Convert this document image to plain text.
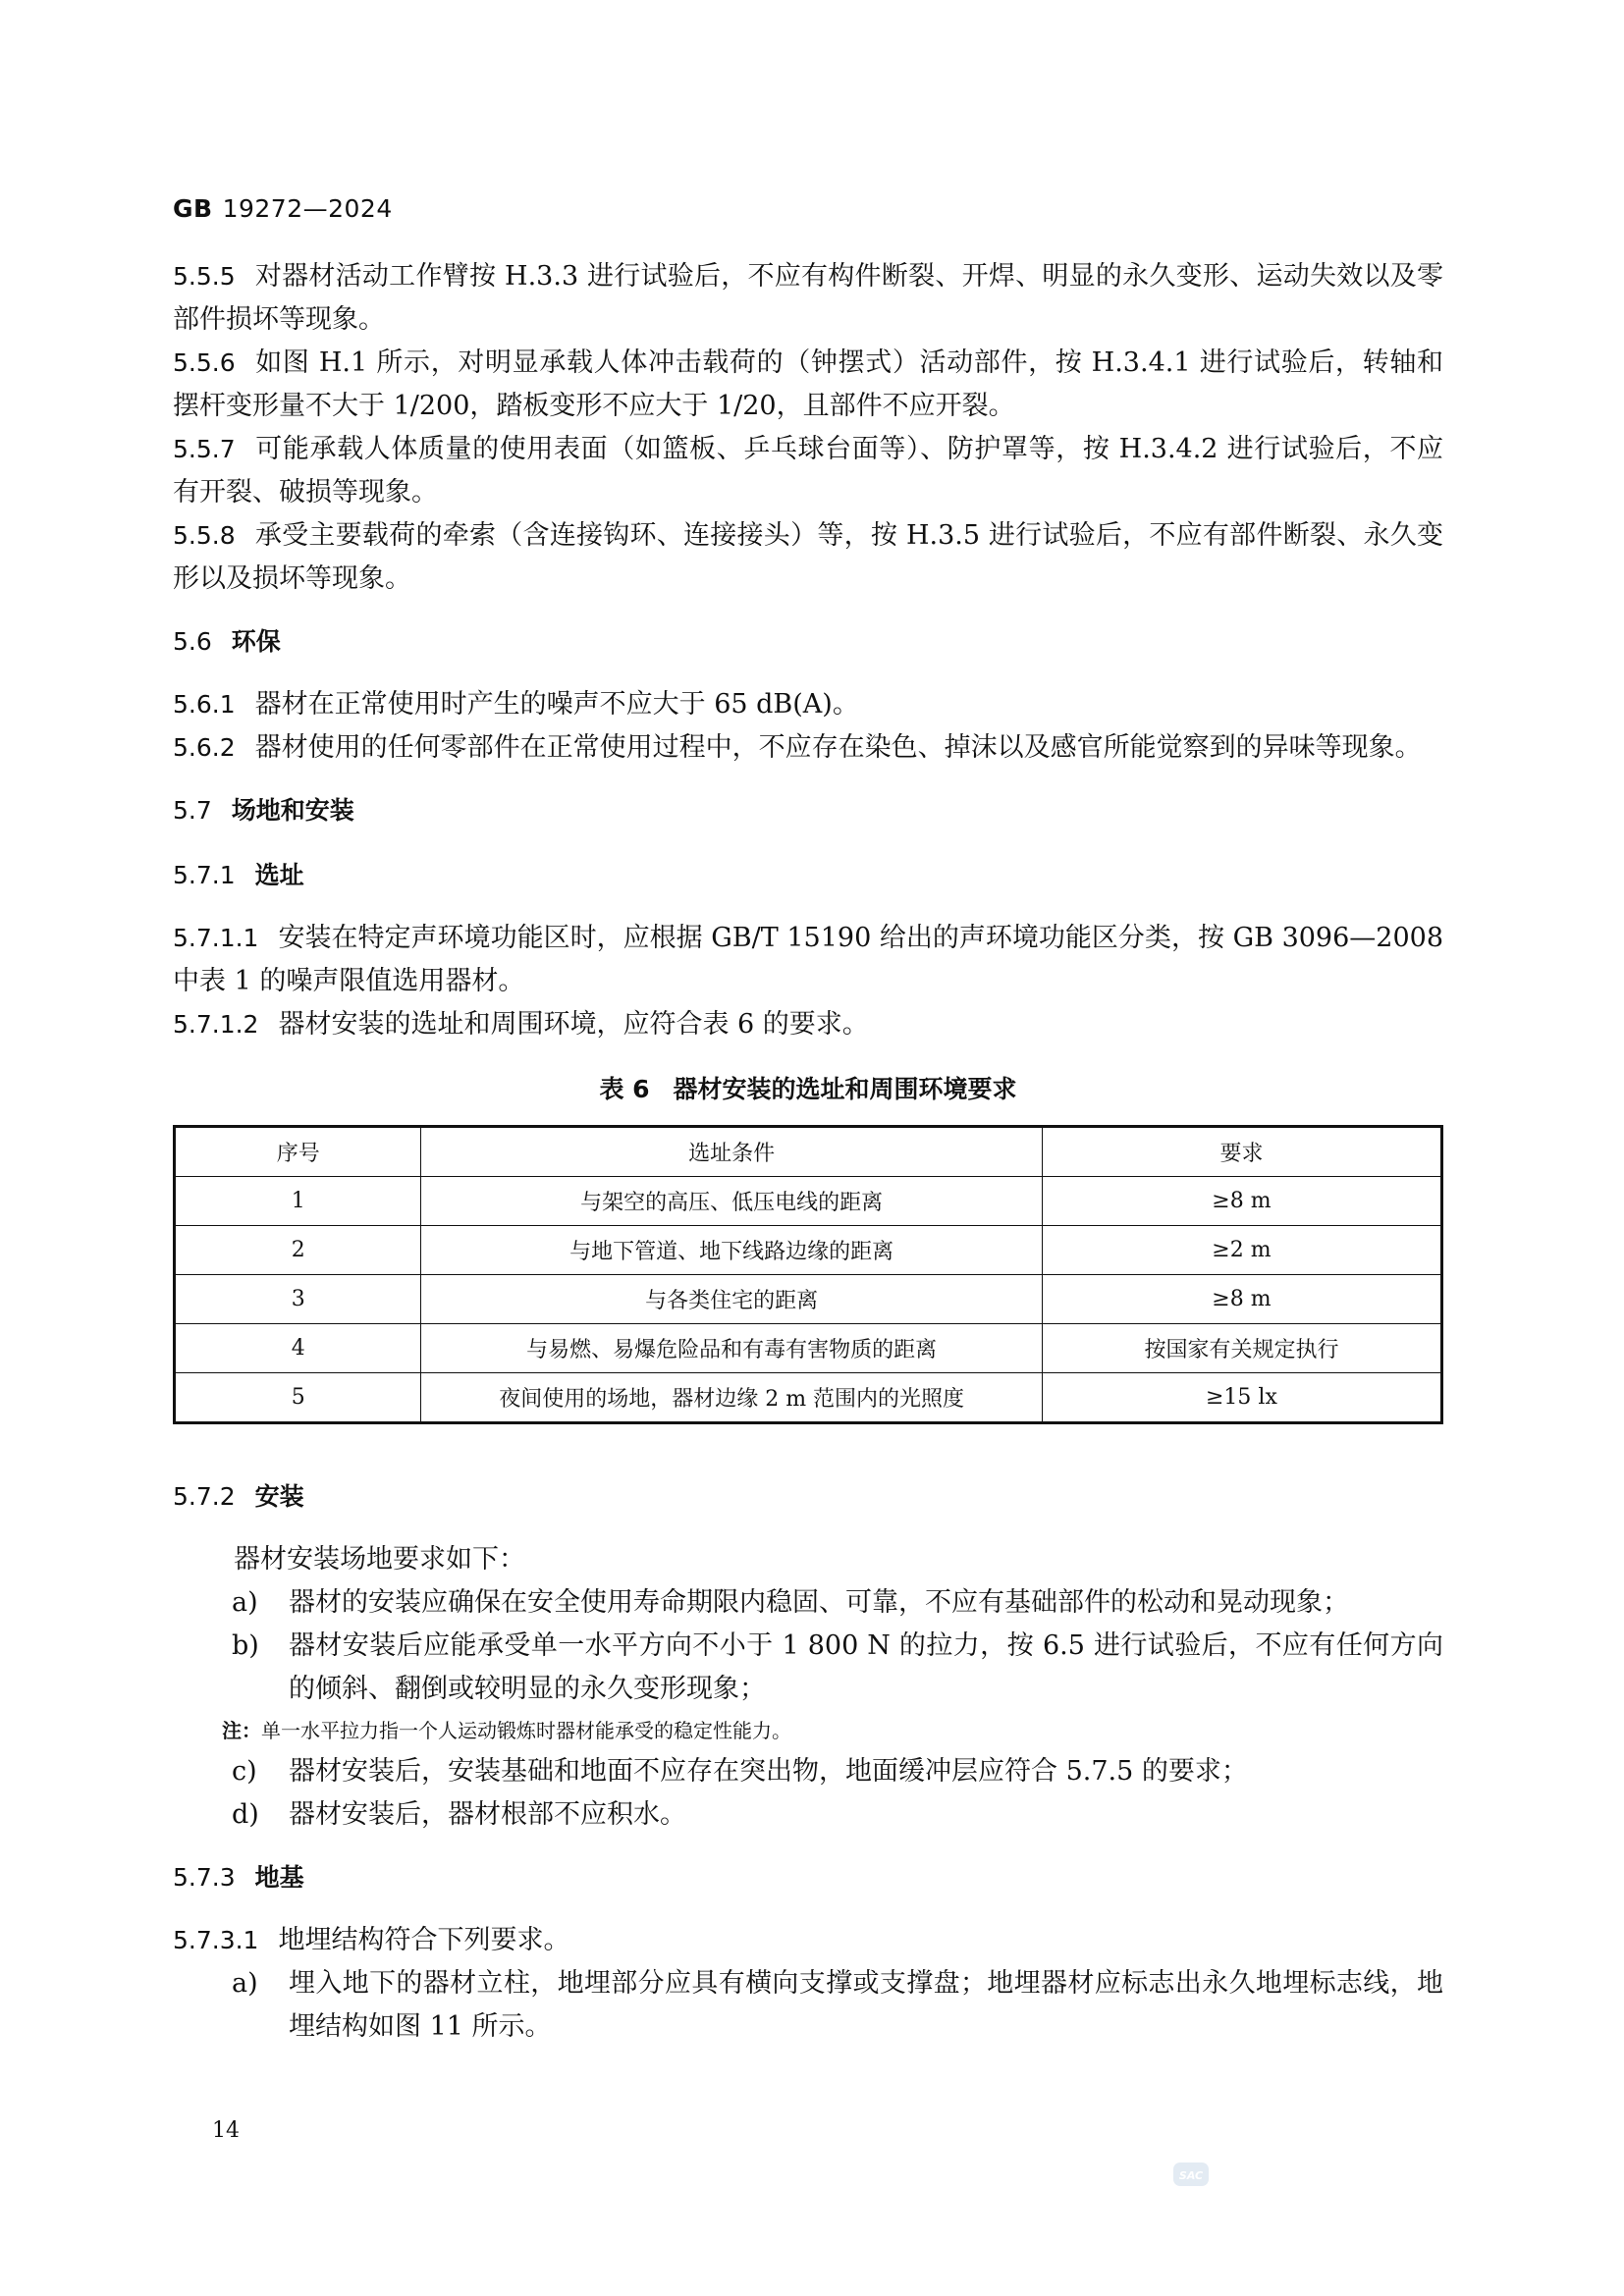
GB 19272—2024

5.5.5 对器材活动工作臂按 H.3.3 进行试验后，不应有构件断裂、开焊、明显的永久变形、运动失效以及零部件损坏等现象。

5.5.6 如图 H.1 所示，对明显承载人体冲击载荷的（钟摆式）活动部件，按 H.3.4.1 进行试验后，转轴和摆杆变形量不大于 1/200，踏板变形不应大于 1/20，且部件不应开裂。

5.5.7 可能承载人体质量的使用表面（如篮板、乒乓球台面等）、防护罩等，按 H.3.4.2 进行试验后，不应有开裂、破损等现象。

5.5.8 承受主要载荷的牵索（含连接钩环、连接接头）等，按 H.3.5 进行试验后，不应有部件断裂、永久变形以及损坏等现象。

5.6 环保

5.6.1 器材在正常使用时产生的噪声不应大于 65 dB(A)。

5.6.2 器材使用的任何零部件在正常使用过程中，不应存在染色、掉沫以及感官所能觉察到的异味等现象。

5.7 场地和安装
5.7.1 选址

5.7.1.1 安装在特定声环境功能区时，应根据 GB/T 15190 给出的声环境功能区分类，按 GB 3096—2008 中表 1 的噪声限值选用器材。

5.7.1.2 器材安装的选址和周围环境，应符合表 6 的要求。

表 6 器材安装的选址和周围环境要求
序号	选址条件	要求
1	与架空的高压、低压电线的距离	≥8 m
2	与地下管道、地下线路边缘的距离	≥2 m
3	与各类住宅的距离	≥8 m
4	与易燃、易爆危险品和有毒有害物质的距离	按国家有关规定执行
5	夜间使用的场地，器材边缘 2 m 范围内的光照度	≥15 lx
5.7.2 安装

器材安装场地要求如下：

a) 器材的安装应确保在安全使用寿命期限内稳固、可靠，不应有基础部件的松动和晃动现象；

b) 器材安装后应能承受单一水平方向不小于 1 800 N 的拉力，按 6.5 进行试验后，不应有任何方向的倾斜、翻倒或较明显的永久变形现象；

注：单一水平拉力指一个人运动锻炼时器材能承受的稳定性能力。

c) 器材安装后，安装基础和地面不应存在突出物，地面缓冲层应符合 5.7.5 的要求；

d) 器材安装后，器材根部不应积水。

5.7.3 地基

5.7.3.1 地埋结构符合下列要求。

a) 埋入地下的器材立柱，地埋部分应具有横向支撑或支撑盘；地埋器材应标志出永久地埋标志线，地埋结构如图 11 所示。

14
SAC
